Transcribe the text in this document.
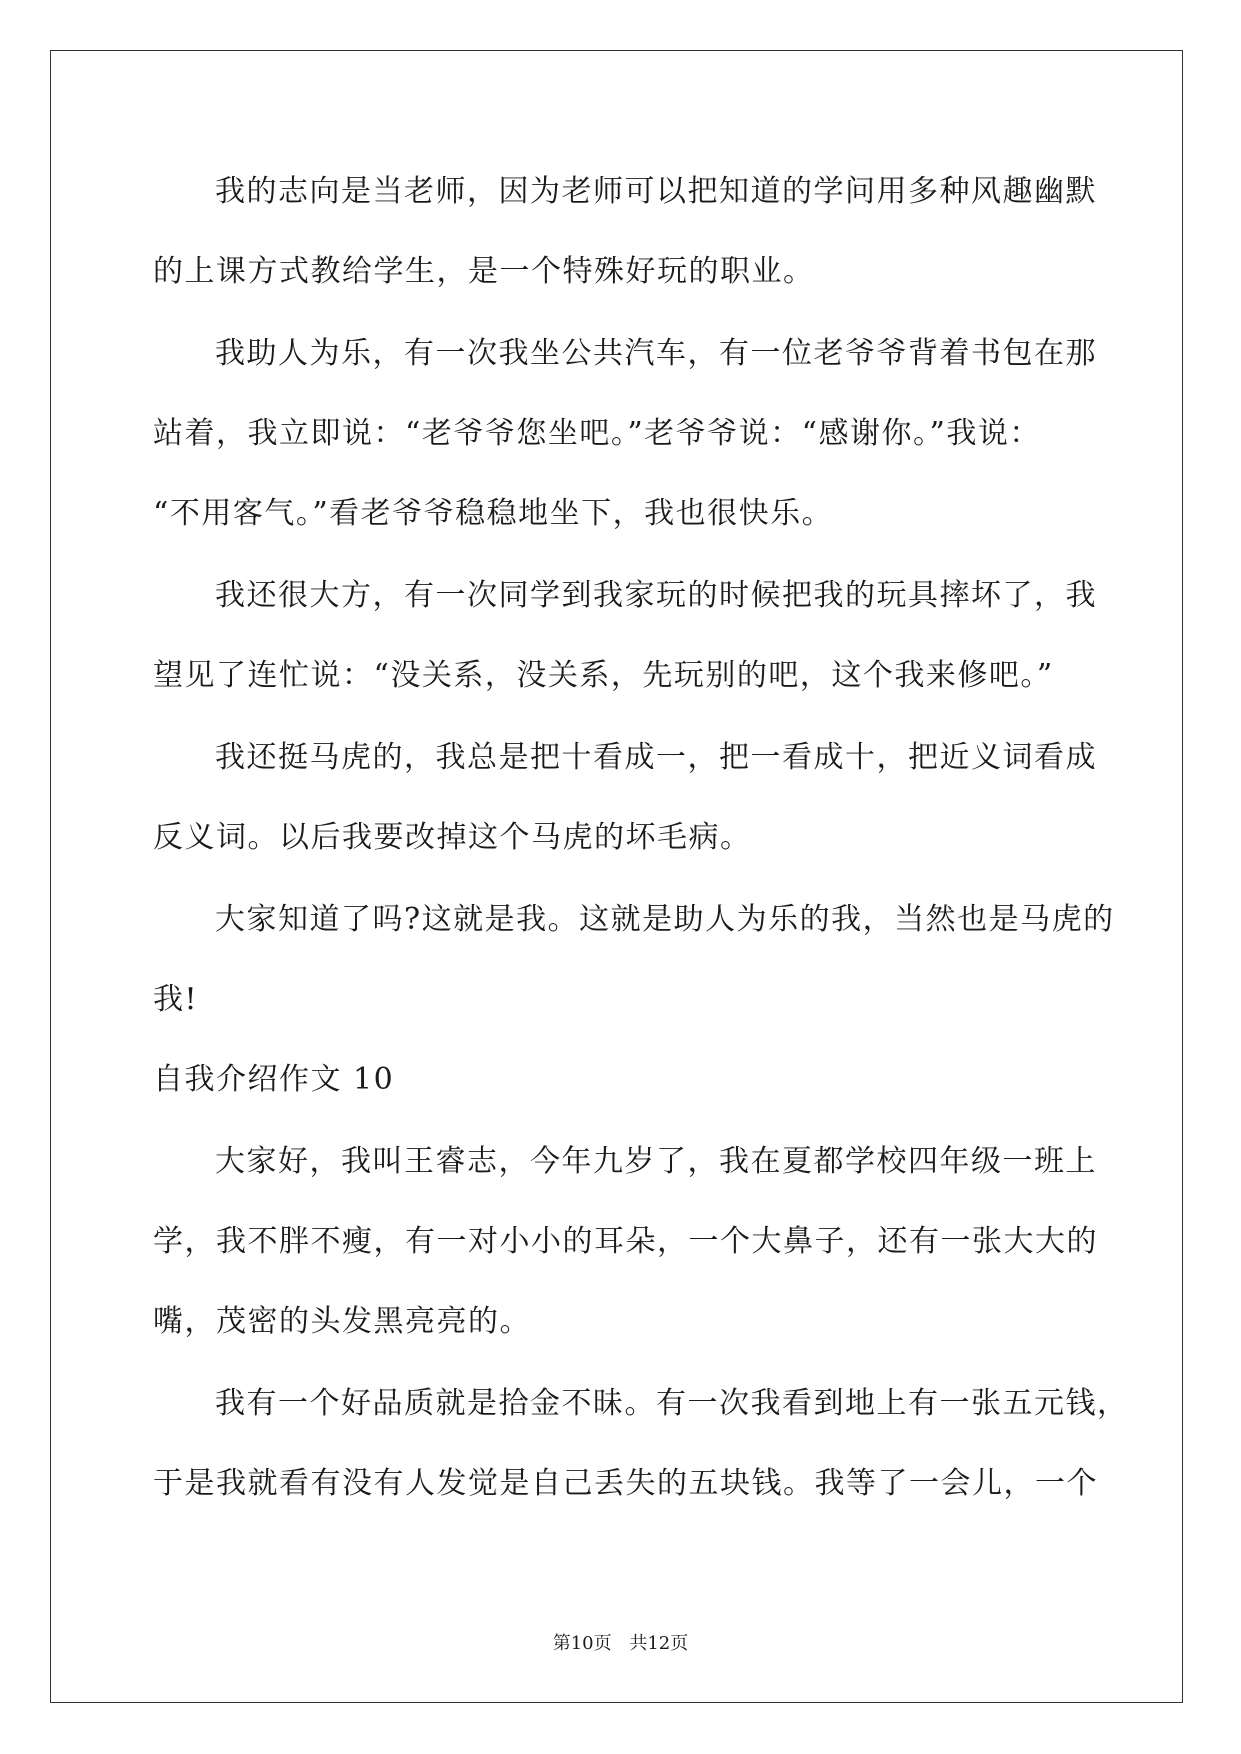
我的志向是当老师，因为老师可以把知道的学问用多种风趣幽默
的上课方式教给学生，是一个特殊好玩的职业。
我助人为乐，有一次我坐公共汽车，有一位老爷爷背着书包在那
站着，我立即说：“老爷爷您坐吧。”老爷爷说：“感谢你。”我说：
“不用客气。”看老爷爷稳稳地坐下，我也很快乐。
我还很大方，有一次同学到我家玩的时候把我的玩具摔坏了，我
望见了连忙说：“没关系，没关系，先玩别的吧，这个我来修吧。”
我还挺马虎的，我总是把十看成一，把一看成十，把近义词看成
反义词。以后我要改掉这个马虎的坏毛病。
大家知道了吗?这就是我。这就是助人为乐的我，当然也是马虎的
我!
自我介绍作文 10
大家好，我叫王睿志，今年九岁了，我在夏都学校四年级一班上
学，我不胖不瘦，有一对小小的耳朵，一个大鼻子，还有一张大大的
嘴，茂密的头发黑亮亮的。
我有一个好品质就是拾金不昧。有一次我看到地上有一张五元钱，
于是我就看有没有人发觉是自己丢失的五块钱。我等了一会儿，一个
第10页 共12页
